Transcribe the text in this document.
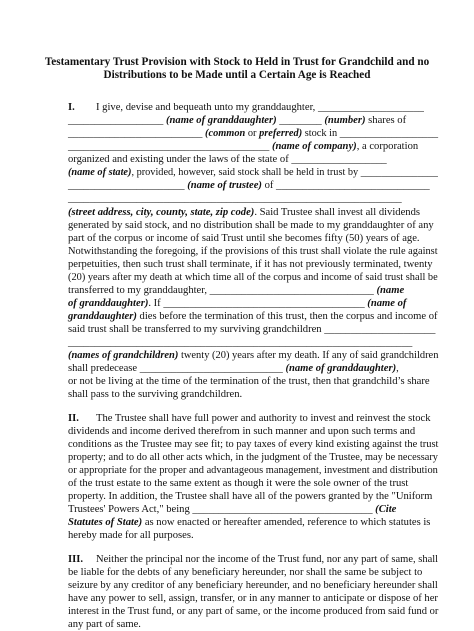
Testamentary Trust Provision with Stock to Held in Trust for Grandchild and no
Distributions to be Made until a Certain Age is Reached
I. I give, devise and bequeath unto my granddaughter, ____________________
__________________ (name of granddaughter) ________ (number) shares of
__________________________ (common or preferred) stock in ___________________
______________________________________ (name of company), a corporation
organized and existing under the laws of the state of __________________
(name of state), provided, however, said stock shall be held in trust by _______________
______________________ (name of trustee) of _____________________________
_______________________________________________________________
(street address, city, county, state, zip code). Said Trustee shall invest all dividends
generated by said stock, and no distribution shall be made to my granddaughter of any
part of the corpus or income of said Trust until she becomes fifty (50) years of age.
Notwithstanding the foregoing, if the provisions of this trust shall violate the rule against
perpetuities, then such trust shall terminate, if it has not previously terminated, twenty
(20) years after my death at which time all of the corpus and income of said trust shall be
transferred to my granddaughter, _______________________________ (name
of granddaughter). If ______________________________________ (name of
granddaughter) dies before the termination of this trust, then the corpus and income of
said trust shall be transferred to my surviving grandchildren _____________________
_________________________________________________________________
(names of grandchildren) twenty (20) years after my death. If any of said grandchildren
shall predecease ___________________________ (name of granddaughter),
or not be living at the time of the termination of the trust, then that grandchild’s share
shall pass to the surviving grandchildren.
II. The Trustee shall have full power and authority to invest and reinvest the stock
dividends and income derived therefrom in such manner and upon such terms and
conditions as the Trustee may see fit; to pay taxes of every kind existing against the trust
property; and to do all other acts which, in the judgment of the Trustee, may be necessary
or appropriate for the proper and advantageous management, investment and distribution
of the trust estate to the same extent as though it were the sole owner of the trust
property. In addition, the Trustee shall have all of the powers granted by the "Uniform
Trustees' Powers Act," being __________________________________ (Cite
Statutes of State) as now enacted or hereafter amended, reference to which statutes is
hereby made for all purposes.
III. Neither the principal nor the income of the Trust fund, nor any part of same, shall
be liable for the debts of any beneficiary hereunder, nor shall the same be subject to
seizure by any creditor of any beneficiary hereunder, and no beneficiary hereunder shall
have any power to sell, assign, transfer, or in any manner to anticipate or dispose of her
interest in the Trust fund, or any part of same, or the income produced from said fund or
any part of same.
